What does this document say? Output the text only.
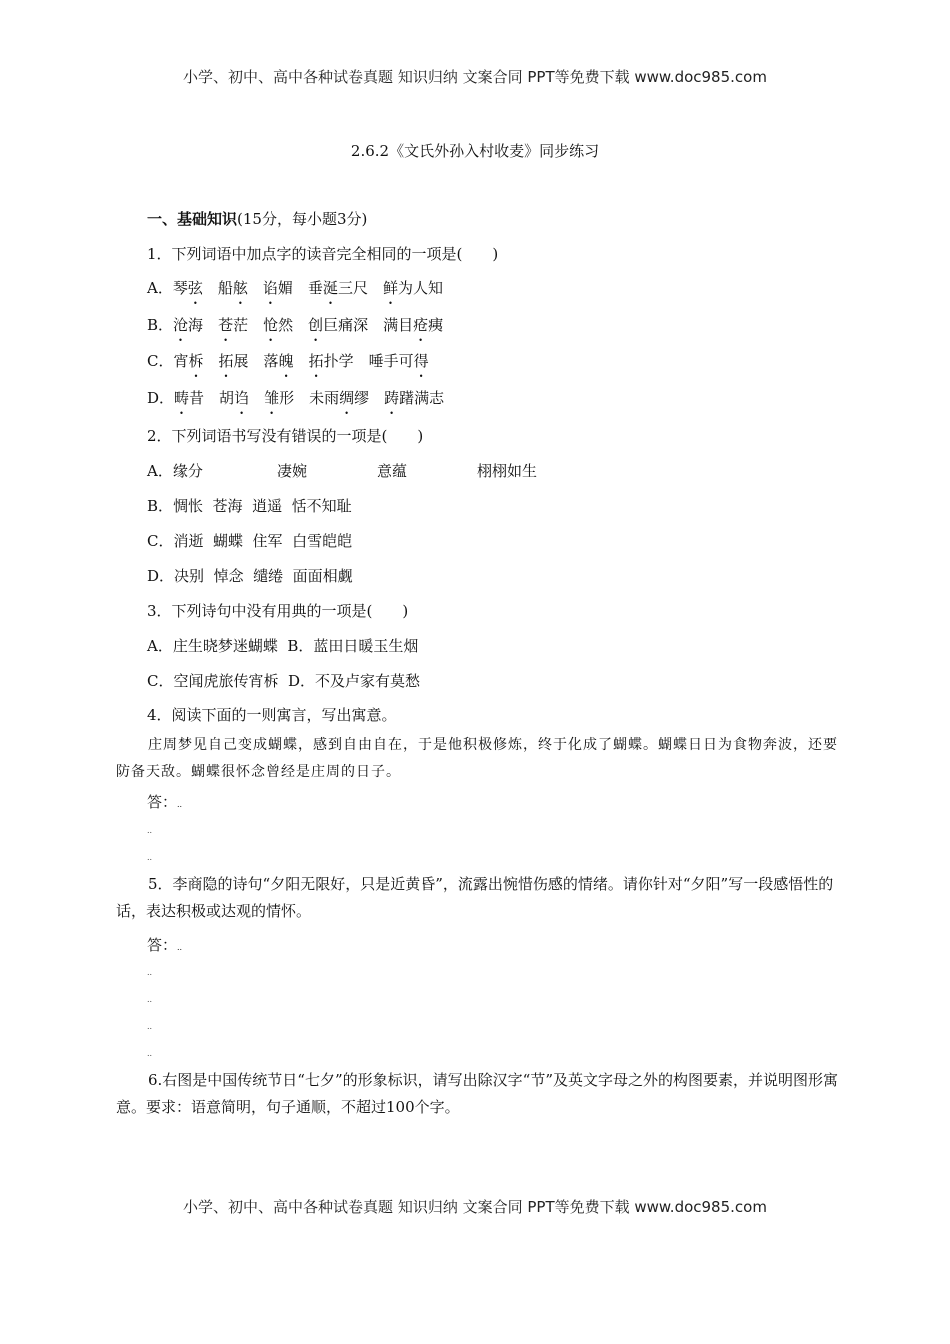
小学、初中、高中各种试卷真题 知识归纳 文案合同 PPT等免费下载 www.doc985.com
2.6.2《文氏外孙入村收麦》同步练习
一、基础知识(15分，每小题3分)
1．下列词语中加点字的读音完全相同的一项是(　　)
A．琴弦　船舷　 谄媚　垂涎三尺　鲜为人知
B．沧海　苍茫　怆然　创巨痛深　满目疮痍
C．宵柝　 拓展　落魄　 拓扑学　唾手可得
D．畴昔　胡诌　 雏形　未雨绸缪　踌躇满志
2．下列词语书写没有错误的一项是(　　)
A．缘分	凄婉	意蕴	栩栩如生
B．惆怅  苍海  逍遥  恬不知耻
C．消逝  蝴蝶  住军  白雪皑皑
D．决别  悼念  缱绻  面面相觑
3．下列诗句中没有用典的一项是(　　)
A．庄生晓梦迷蝴蝶  B．蓝田日暖玉生烟
C．空闻虎旅传宵柝  D．不及卢家有莫愁
4．阅读下面的一则寓言，写出寓意。
庄周梦见自己变成蝴蝶，感到自由自在，于是他积极修炼，终于化成了蝴蝶。蝴蝶日日为食物奔波，还要防备天敌。蝴蝶很怀念曾经是庄周的日子。
答：..
..
..
5．李商隐的诗句“夕阳无限好，只是近黄昏”，流露出惋惜伤感的情绪。请你针对“夕阳”写一段感悟性的话，表达积极或达观的情怀。
答：..
..
..
..
..
6.右图是中国传统节日“七夕”的形象标识，请写出除汉字“节”及英文字母之外的构图要素，并说明图形寓意。要求：语意简明，句子通顺，不超过100个字。
小学、初中、高中各种试卷真题 知识归纳 文案合同 PPT等免费下载 www.doc985.com
